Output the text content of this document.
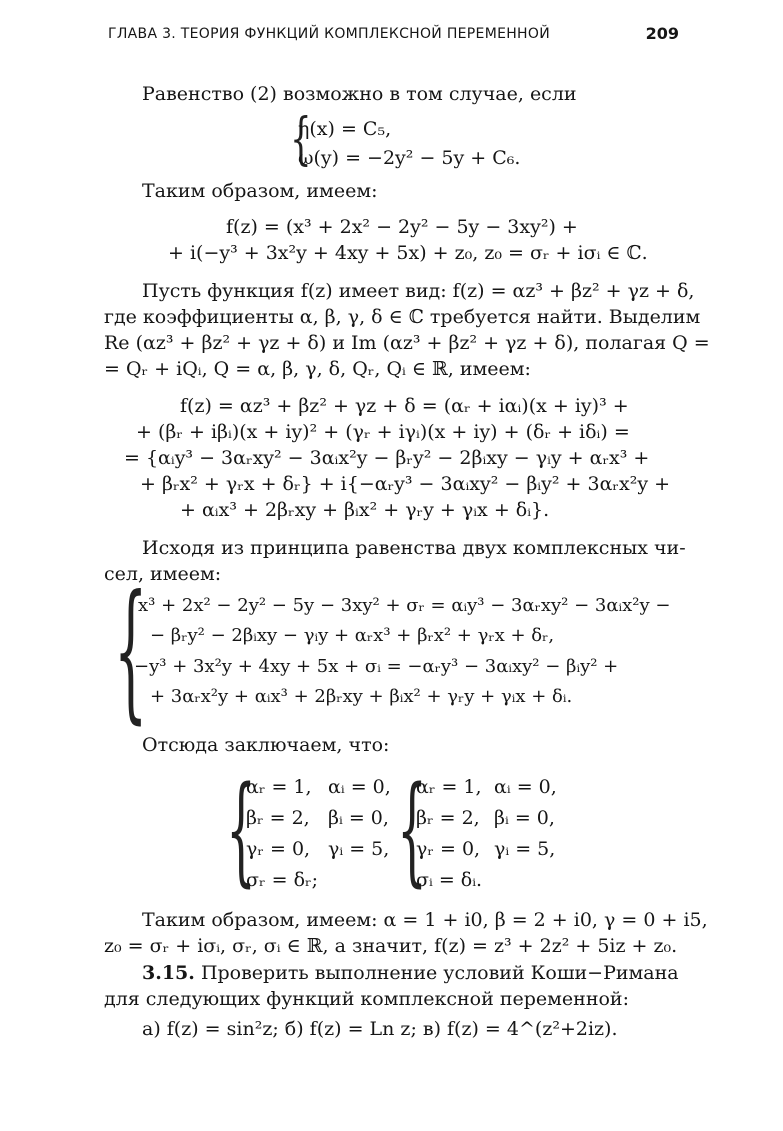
ГЛАВА 3. ТЕОРИЯ ФУНКЦИЙ КОМПЛЕКСНОЙ ПЕРЕМЕННОЙ	209
Равенство (2) возможно в том случае, если
{
η(x) = C₅,
ω(y) = −2y² − 5y + C₆.
Таким образом, имеем:
f(z) = (x³ + 2x² − 2y² − 5y − 3xy²) +
+ i(−y³ + 3x²y + 4xy + 5x) + z₀, z₀ = σᵣ + iσᵢ ∈ ℂ.
Пусть функция f(z) имеет вид: f(z) = αz³ + βz² + γz + δ,
где коэффициенты α, β, γ, δ ∈ ℂ требуется найти. Выделим
Re (αz³ + βz² + γz + δ) и Im (αz³ + βz² + γz + δ), полагая Q =
= Qᵣ + iQᵢ, Q = α, β, γ, δ, Qᵣ, Qᵢ ∈ ℝ, имеем:
f(z) = αz³ + βz² + γz + δ = (αᵣ + iαᵢ)(x + iy)³ +
+ (βᵣ + iβᵢ)(x + iy)² + (γᵣ + iγᵢ)(x + iy) + (δᵣ + iδᵢ) =
= {αᵢy³ − 3αᵣxy² − 3αᵢx²y − βᵣy² − 2βᵢxy − γᵢy + αᵣx³ +
+ βᵣx² + γᵣx + δᵣ} + i{−αᵣy³ − 3αᵢxy² − βᵢy² + 3αᵣx²y +
+ αᵢx³ + 2βᵣxy + βᵢx² + γᵣy + γᵢx + δᵢ}.
Исходя из принципа равенства двух комплексных чи-
сел, имеем:
{
x³ + 2x² − 2y² − 5y − 3xy² + σᵣ = αᵢy³ − 3αᵣxy² − 3αᵢx²y −
− βᵣy² − 2βᵢxy − γᵢy + αᵣx³ + βᵣx² + γᵣx + δᵣ,
−y³ + 3x²y + 4xy + 5x + σᵢ = −αᵣy³ − 3αᵢxy² − βᵢy² +
+ 3αᵣx²y + αᵢx³ + 2βᵣxy + βᵢx² + γᵣy + γᵢx + δᵢ.
Отсюда заключаем, что:
{
αᵣ = 1, αᵢ = 0,
βᵣ = 2, βᵢ = 0,
γᵣ = 0, γᵢ = 5,
σᵣ = δᵣ; {
αᵣ = 1, αᵢ = 0,
βᵣ = 2, βᵢ = 0,
γᵣ = 0, γᵢ = 5,
σᵢ = δᵢ.
Таким образом, имеем: α = 1 + i0, β = 2 + i0, γ = 0 + i5,
z₀ = σᵣ + iσᵢ, σᵣ, σᵢ ∈ ℝ, а значит, f(z) = z³ + 2z² + 5iz + z₀.
3.15. Проверить выполнение условий Коши−Римана
для следующих функций комплексной переменной:
а) f(z) = sin²z; б) f(z) = Ln z; в) f(z) = 4^(z²+2iz).
